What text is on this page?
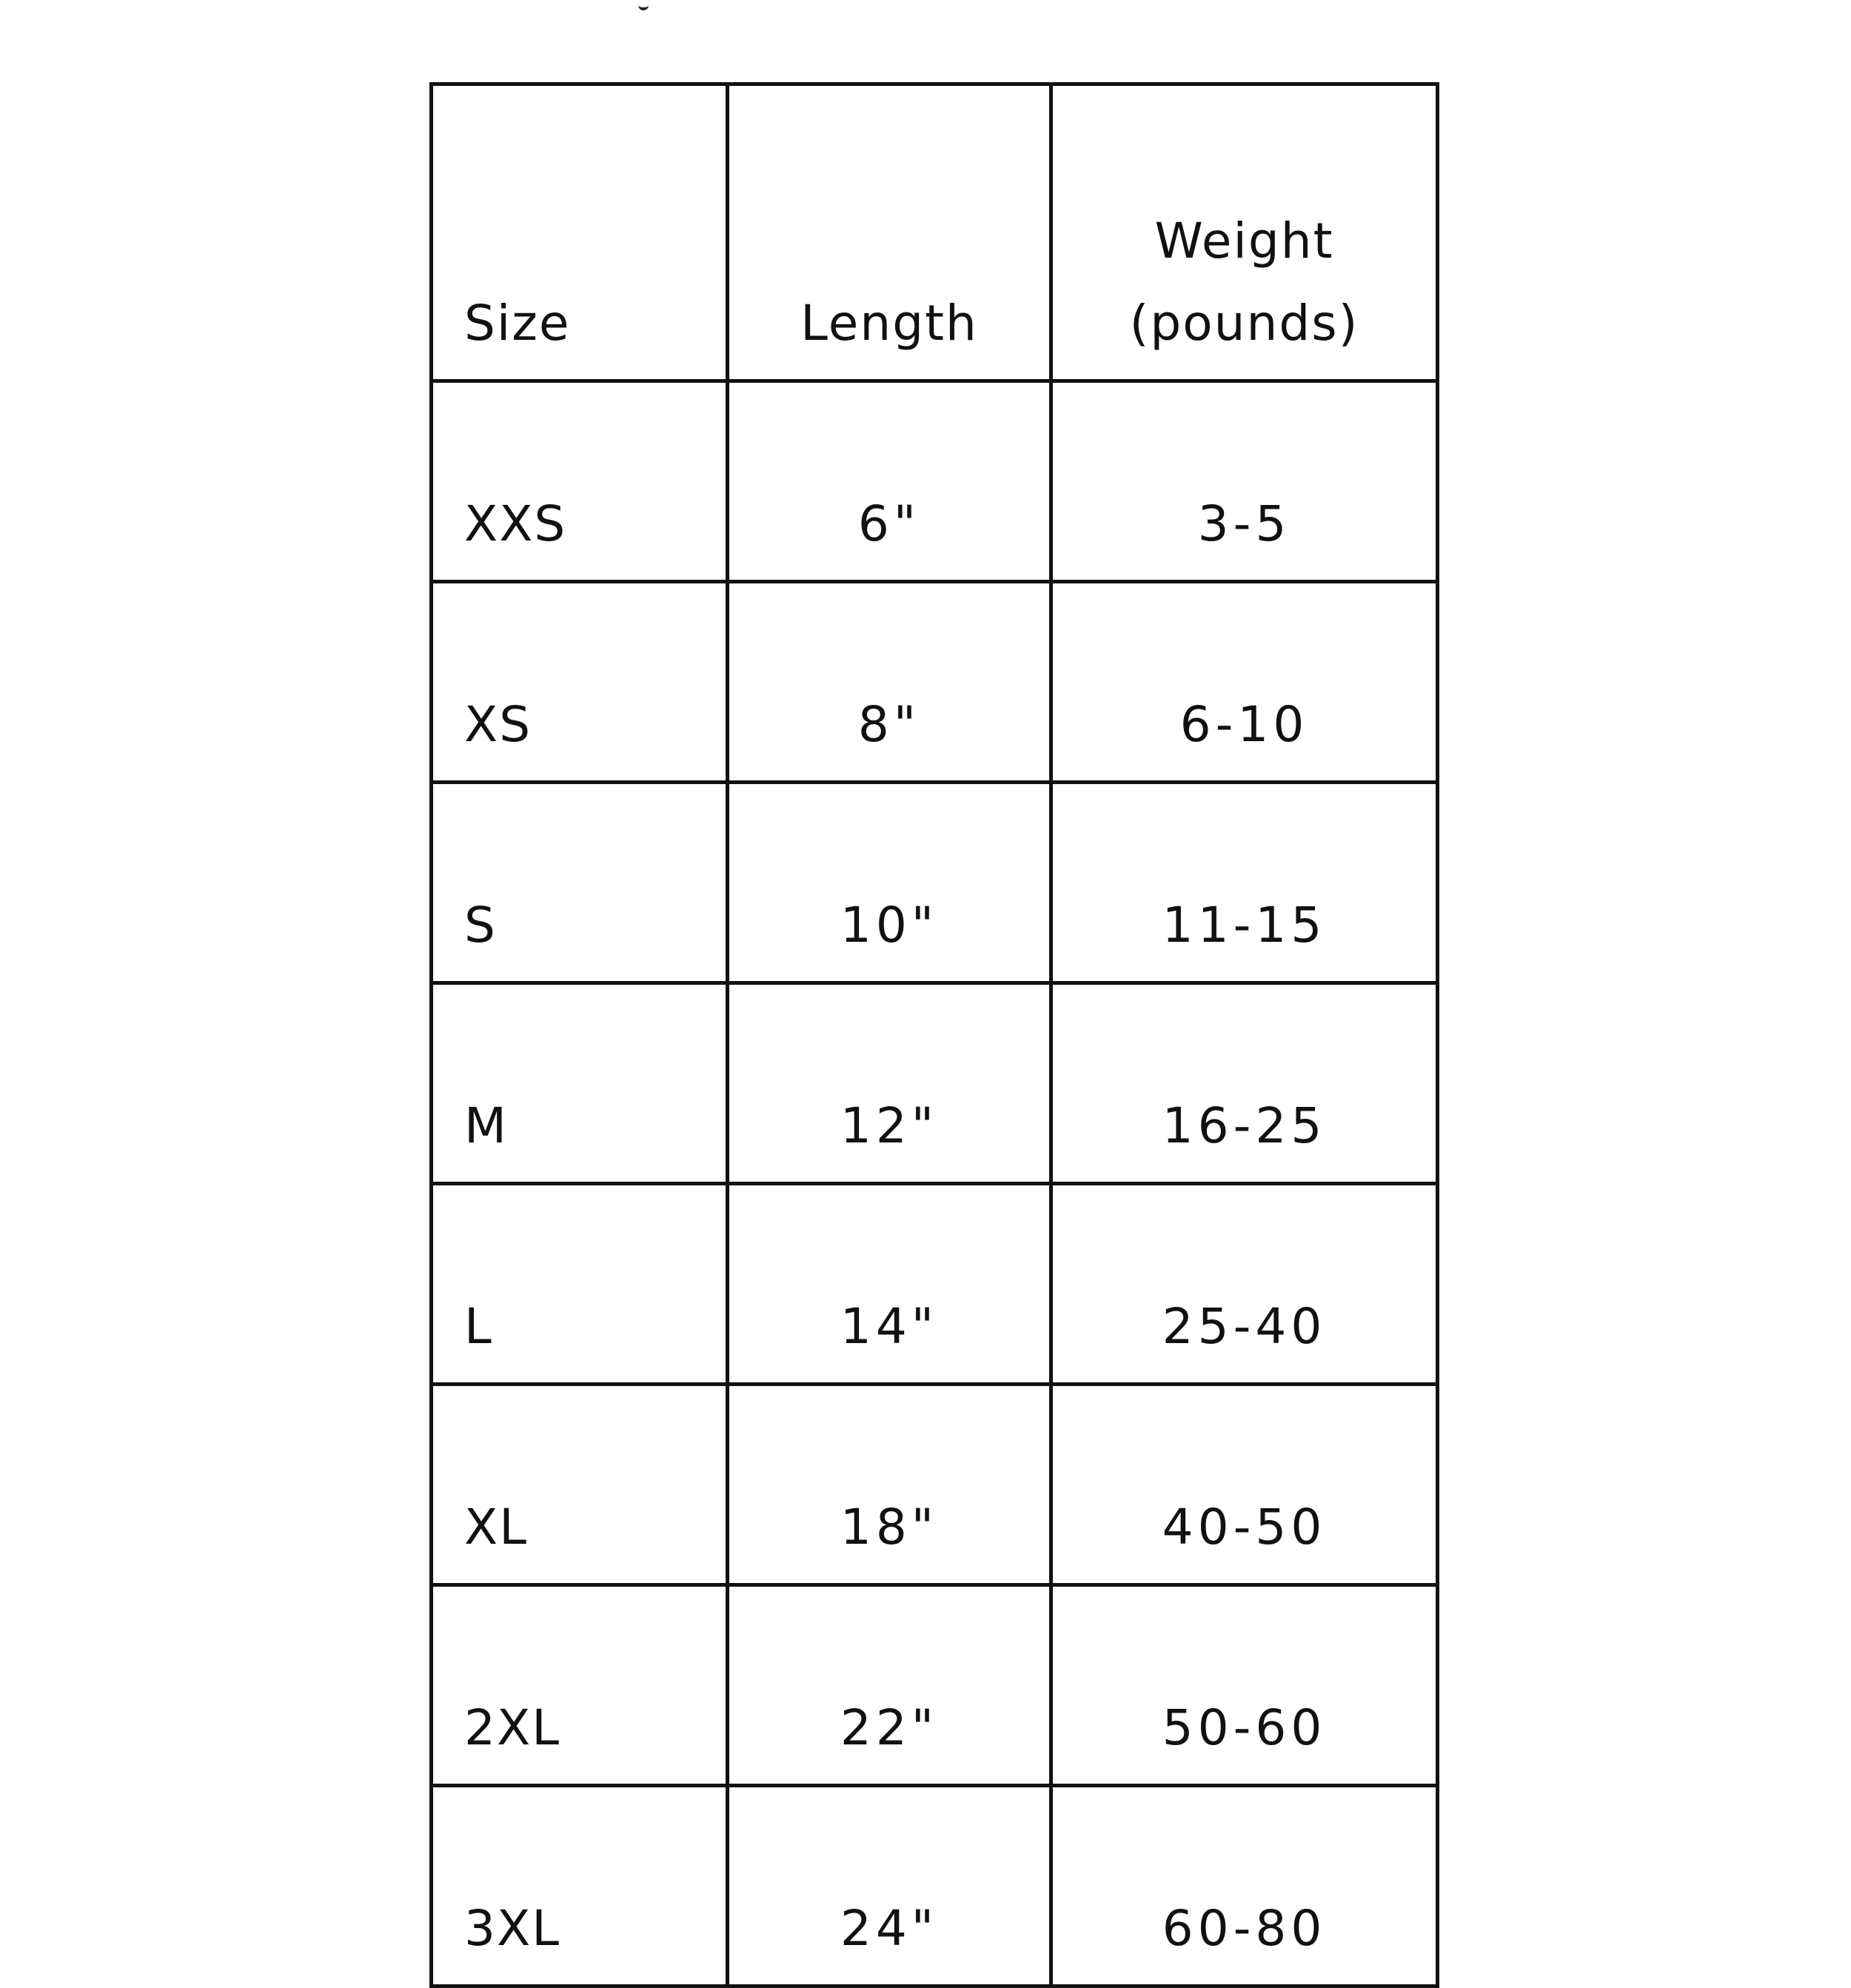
Size	Length	Weight
(pounds)

XXS	6"	3-5
XS	8"	6-10
S	10"	11-15
M	12"	16-25
L	14"	25-40
XL	18"	40-50
2XL	22"	50-60
3XL	24"	60-80
